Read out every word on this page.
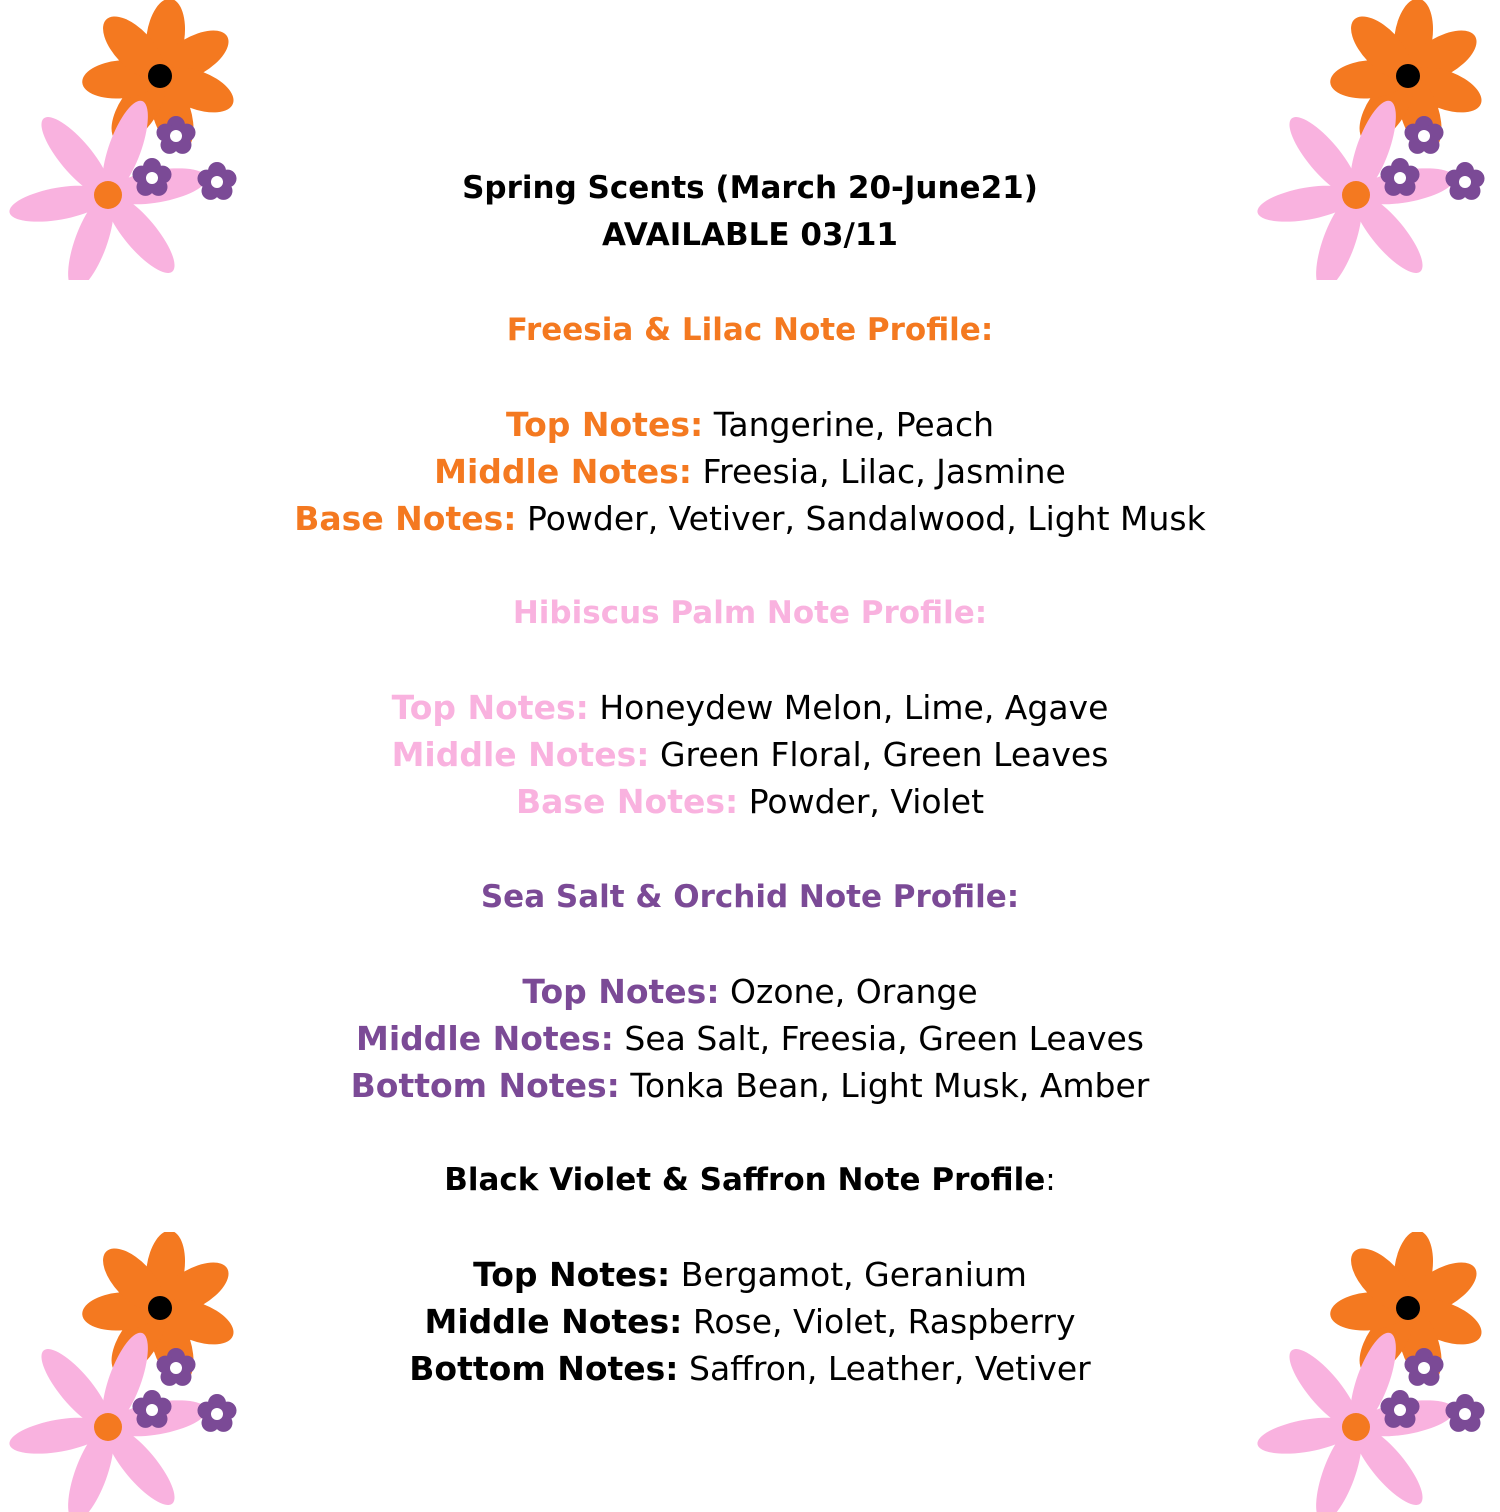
Spring Scents (March 20-June21)
AVAILABLE 03/11
Freesia & Lilac Note Profile:
Top Notes: Tangerine, Peach
Middle Notes: Freesia, Lilac, Jasmine
Base Notes: Powder, Vetiver, Sandalwood, Light Musk
Hibiscus Palm Note Profile:
Top Notes: Honeydew Melon, Lime, Agave
Middle Notes: Green Floral, Green Leaves
Base Notes: Powder, Violet
Sea Salt & Orchid Note Profile:
Top Notes: Ozone, Orange
Middle Notes: Sea Salt, Freesia, Green Leaves
Bottom Notes: Tonka Bean, Light Musk, Amber
Black Violet & Saffron Note Profile:
Top Notes: Bergamot, Geranium
Middle Notes: Rose, Violet, Raspberry
Bottom Notes: Saffron, Leather, Vetiver
